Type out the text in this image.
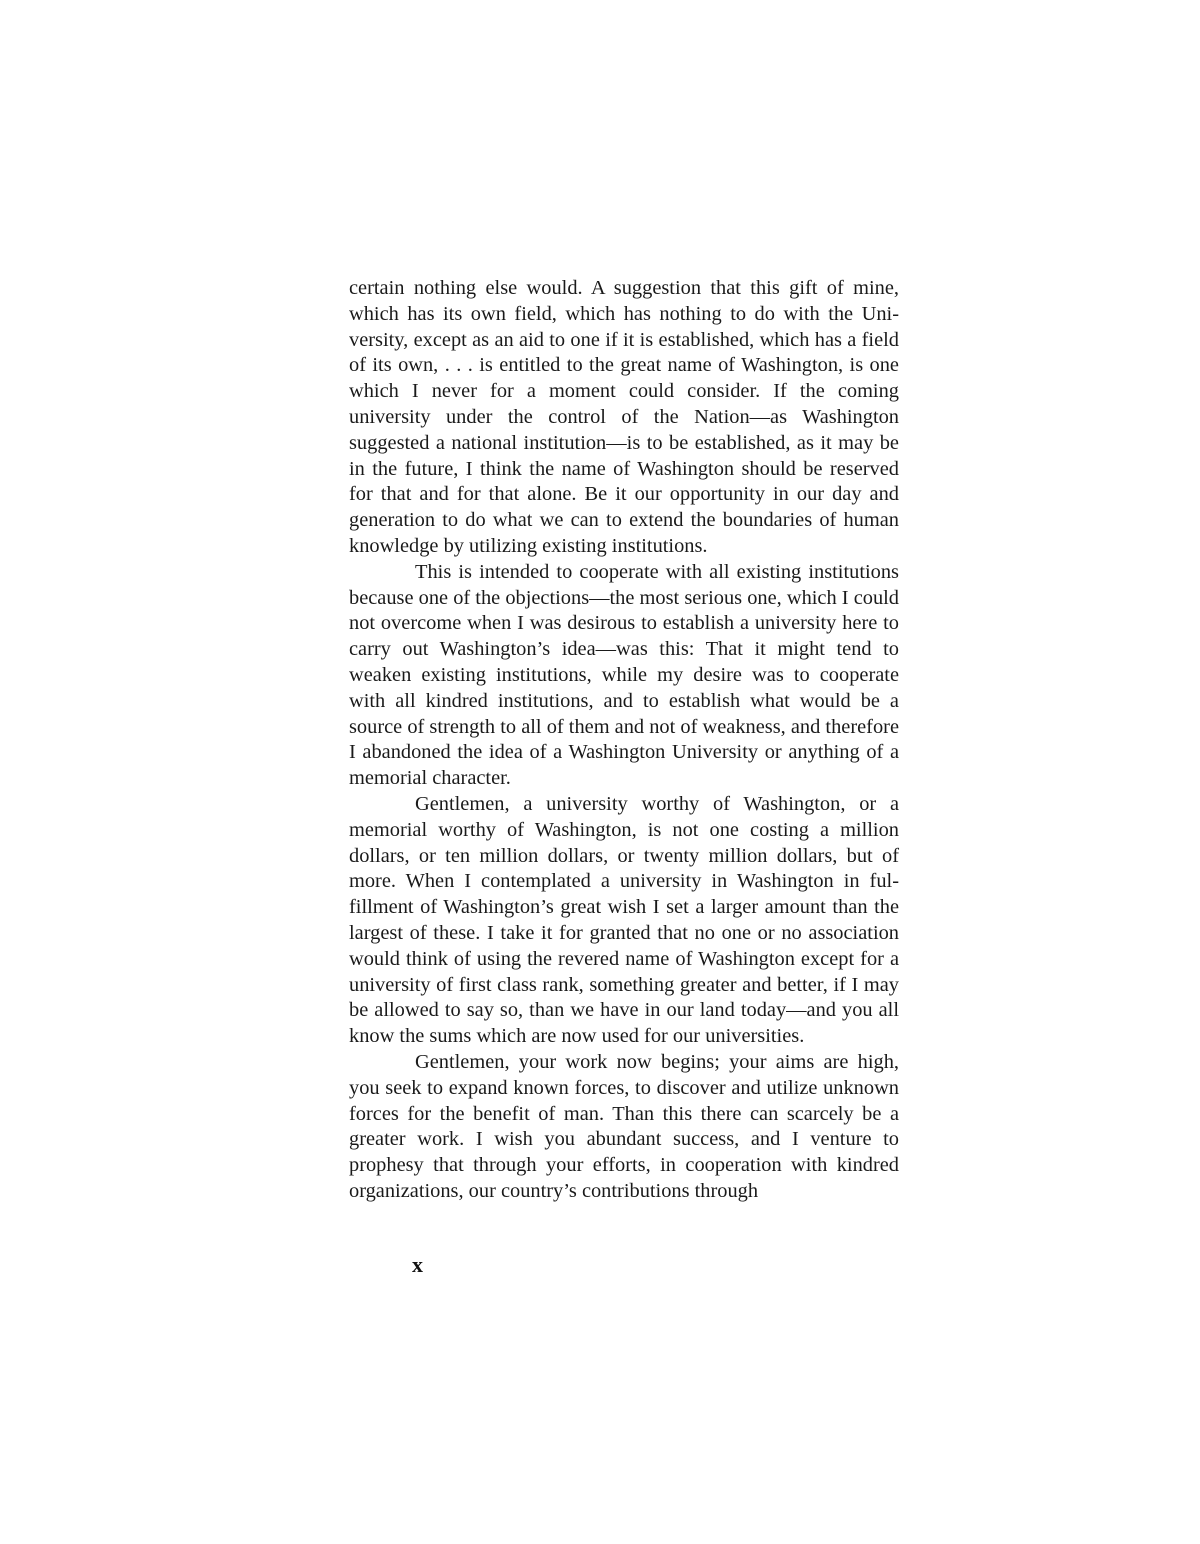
certain nothing else would. A suggestion that this gift of mine, which has its own field, which has nothing to do with the University, except as an aid to one if it is established, which has a field of its own, . . . is entitled to the great name of Washington, is one which I never for a moment could consider. If the coming university under the control of the Nation—as Washington suggested a national institution—is to be established, as it may be in the future, I think the name of Washington should be reserved for that and for that alone. Be it our opportunity in our day and generation to do what we can to extend the boundaries of human knowledge by utilizing existing institutions.

This is intended to cooperate with all existing institutions because one of the objections—the most serious one, which I could not overcome when I was desirous to establish a university here to carry out Washington’s idea—was this: That it might tend to weaken existing institutions, while my desire was to cooperate with all kindred institutions, and to establish what would be a source of strength to all of them and not of weakness, and therefore I abandoned the idea of a Washington University or anything of a memorial character.

Gentlemen, a university worthy of Washington, or a memorial worthy of Washington, is not one costing a million dollars, or ten million dollars, or twenty million dollars, but of more. When I contemplated a university in Washington in fulfillment of Washington’s great wish I set a larger amount than the largest of these. I take it for granted that no one or no association would think of using the revered name of Washington except for a university of first class rank, something greater and better, if I may be allowed to say so, than we have in our land today—and you all know the sums which are now used for our universities.

Gentlemen, your work now begins; your aims are high, you seek to expand known forces, to discover and utilize unknown forces for the benefit of man. Than this there can scarcely be a greater work. I wish you abundant success, and I venture to prophesy that through your efforts, in cooperation with kindred organizations, our country’s contributions through

x
